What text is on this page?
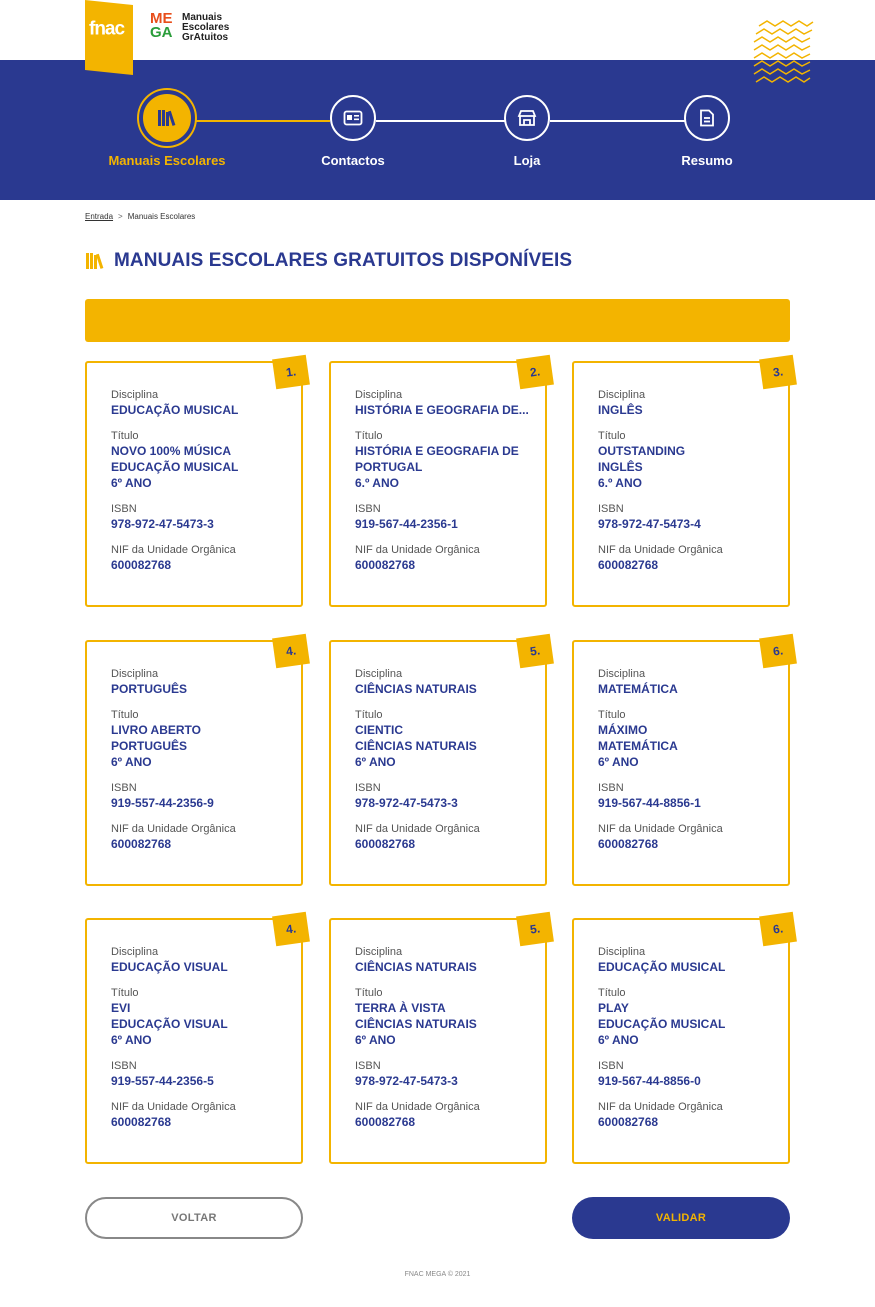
fnac ME
GA
Manuais
Escolares
GrAtuitos
Manuais Escolares	Contactos	Loja	Resumo
Entrada > Manuais Escolares
MANUAIS ESCOLARES GRATUITOS DISPONÍVEIS
1.
Disciplina
EDUCAÇÃO MUSICAL
Título
NOVO 100% MÚSICA
EDUCAÇÃO MUSICAL
6º ANO
ISBN
978-972-47-5473-3
NIF da Unidade Orgânica
600082768
2.
Disciplina
HISTÓRIA E GEOGRAFIA DE...
Título
HISTÓRIA E GEOGRAFIA DE
PORTUGAL
6.º ANO
ISBN
919-567-44-2356-1
NIF da Unidade Orgânica
600082768
3.
Disciplina
INGLÊS
Título
OUTSTANDING
INGLÊS
6.º ANO
ISBN
978-972-47-5473-4
NIF da Unidade Orgânica
600082768
4.
Disciplina
PORTUGUÊS
Título
LIVRO ABERTO
PORTUGUÊS
6º ANO
ISBN
919-557-44-2356-9
NIF da Unidade Orgânica
600082768
5.
Disciplina
CIÊNCIAS NATURAIS
Título
CIENTIC
CIÊNCIAS NATURAIS
6º ANO
ISBN
978-972-47-5473-3
NIF da Unidade Orgânica
600082768
6.
Disciplina
MATEMÁTICA
Título
MÁXIMO
MATEMÁTICA
6º ANO
ISBN
919-567-44-8856-1
NIF da Unidade Orgânica
600082768
4.
Disciplina
EDUCAÇÃO VISUAL
Título
EVI
EDUCAÇÃO VISUAL
6º ANO
ISBN
919-557-44-2356-5
NIF da Unidade Orgânica
600082768
5.
Disciplina
CIÊNCIAS NATURAIS
Título
TERRA À VISTA
CIÊNCIAS NATURAIS
6º ANO
ISBN
978-972-47-5473-3
NIF da Unidade Orgânica
600082768
6.
Disciplina
EDUCAÇÃO MUSICAL
Título
PLAY
EDUCAÇÃO MUSICAL
6º ANO
ISBN
919-567-44-8856-0
NIF da Unidade Orgânica
600082768
VOLTAR	VALIDAR
FNAC MEGA © 2021
